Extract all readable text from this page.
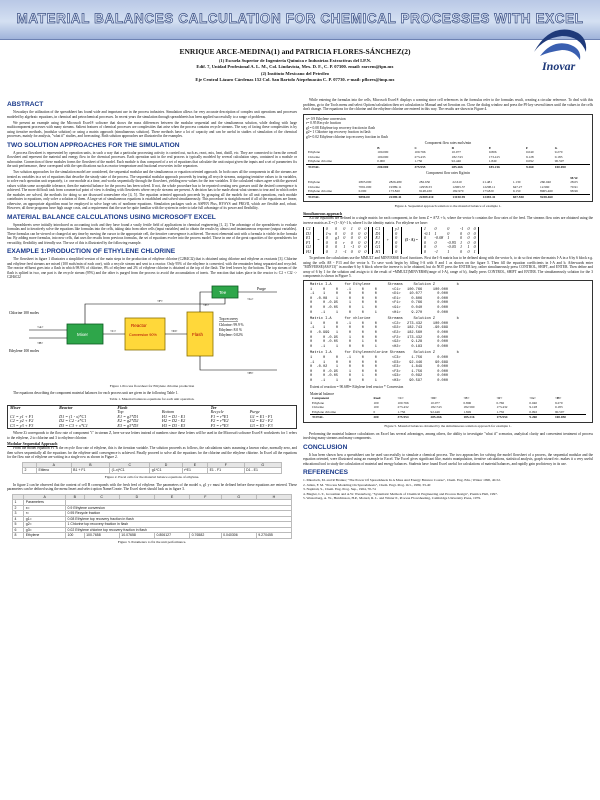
MATERIAL BALANCES CALCULATION FOR CHEMICAL PROCESSES WITH EXCEL
Inovar
ENRIQUE ARCE-MEDINA(1) and PATRICIA FLORES-SÁNCHEZ(2)
(1) Escuela Superior de Ingeniería Química e Industrias Extractivas del I.P.N.
Edif. 7, Unidad Profesional A. L. M., Col. Lindavista, Mex. D. F., C. P. 07300. email: earcem@ipn.mx
(2) Instituto Mexicano del Petróleo
Eje Central Lázaro Cárdenas 152 Col. San Bartolo Atepehuacán C. P. 07730. e-mail: pflores@imp.mx
ABSTRACT
Nowadays the utilization of the spreadsheet has found wide and important use in the process industries. Simulation allows for very accurate description of complex unit operations and processes modeled by algebraic equations, in chemical and petrochemical processes. In recent years the simulation through spreadsheets has been applied successfully to a range of problems.
We present an example using the Microsoft Excel® software that shows the mass differences between the modular sequential and the simultaneous solution, while dealing with large multicomponent processes with many streams. Salient features of chemical processes are complexities that arise when the process contains recycle streams. The way of facing these complexities is by using iterative methods, (modular solution) or using a matrix approach (simultaneous solution). These methods have a lot of capacity and can be useful in studies of simulation of the chemical processes, mainly for analysis, "what if" studies, and forecasting. Both solution approaches are illustrated in the examples.
TWO SOLUTION APPROACHES FOR THE SIMULATION
A process flowsheet is represented by operation units, in such a way that a particular processing activity is carried out, such as, react, mix, heat, distill, etc. They are connected to form the overall flowsheet and represent the material and energy flow in the chemical processes. Each operation unit in the real process is typically modeled by several calculation steps, contained in a module or subroutine. Connection of these modules forms the flowsheet of the model. Each module is thus composed of a set of equations that calculate the unit output given the inputs and a set of parameters fix the unit performance, these correspond with the specifications such as reactor temperature and fractional recoveries in the separators.
Two solution approaches for the simulation model are considered, the sequential modular and the simultaneous or equation oriented approach. In both cases all the components in all the streams are treated as variables in a set of equations that describe the steady state of the process. The sequential modular approach proceeds by tearing all recycle streams, assigning tentative values to its variables, to solve each operation unit separately, i.e. one module at a time, and works sequentially through the flowsheet, yielding new values for the tear variables. If the calculated values agree with the guessed values within some acceptable tolerance, then the material balance for the process has been solved. If not, the whole procedure has to be repeated creating new guesses until the desired convergence is achieved. The more difficult task from a numerical point of view is dealing with flowsheets where recycle streams are present. A decision has to be made about what streams to tear and in which order the modules are solved, the methods for doing so are discussed somewhere else [4, 5]. The equation oriented approach proceeds by grouping all the models for all unit operations, each module contributes to equations, only solve a solution of them. A large set of simultaneous equations is established and solved simultaneously. This procedure is straightforward if all of the equations are linear, otherwise, an appropriate algorithm must be employed to solve large sets of nonlinear equations. Simulation packages such as ASPEN Plus, HYSYS and PRO/II, which are flexible and, robust. However, all these programs have high usage costs, and a requirement that the user be quite familiar with the system in order to take full advantage of its power and flexibility.
MATERIAL BALANCE CALCULATIONS USING MICROSOFT EXCEL
Spreadsheets were initially introduced as accounting tools and they have found a vastly fertile field of applications in chemical engineering [1, 2]. The advantage of the spreadsheets to evaluate formulas and to iteratively solve the equations like formulas into the cells, taking data from other cells (input variables) and to obtain the results by almost and instantaneous response (output variables). These formulas can be viewed or changed at any time by moving the cursor to the appropriate cell, the iterative convergence is achieved. The most elemental unit with a formula is visible in the formula bar. By adding more formulas, into new cells, that uses the results from previous formulas, the set of equations evolve into the process model. Those in one of the great capacities of the spreadsheets for versatility, flexibility and friendly use. The use of this is illustrated by the following example.
EXAMPLE 1:PRODUCTION OF ETHYLENE CHLORINE
The flowsheet in figure 1 illustrates a simplified version of the main steps in the production of ethylene chlorine (C2H4Cl2) that is obtained using chlorine and ethylene as reactants [3]. Chlorine and ethylene feed streams are mixed (100 mols/min of each one), with a recycle stream and sent to a reactor. Only 95% of the ethylene is converted, with the remainder being separated and recycled. The reactor effluent goes into a flash in which 98.9% of chlorine, 8% of ethylene and 2% of ethylene chlorine is obtained at the top of the flash. The feed leaves by the bottom. The top stream of the flash is splited in two, one part is the recycle stream (95%) and the other is purged from the process to avoid the accumulation of inerts. The reaction that takes place in the reactor is: C2 + Cl2 -> C2H4Cl2
Mixer
Reactor
Conversion 90%	Flash
Tee
Chlorine 100 moles
Ethylene 100 moles
<A>
<B>
<C>	<D>
<F>
<E>
Purge
<G>
<H>
Top recovery
Chlorine: 99.9 %
Ethylene: 8.0 %
Ethylene: 0.02%
Figure 1.Process flowsheet for Ethylene chlorine production
The equations describing the component material balances for each process unit are given in the following Table 1.
Table 1. Material balances equations for each unit operation.
Mixer	Reactor	Flash		Tee	
		Top	Bottom	Recycle	Purge
C1 = y1 + F1	D1 = (1 - x)*C1	E1 = g1*D1	H1 = D1 - E1	F1 = r*E1	G1 = E1 - F1
C2 = y2 + F2	D2 = C2 - x*C1	E2 = g2*D2	H2 = D2 - E2	F2 = r*E2	G2 = E2 - F2
C3 = y3 + F3	D3 = C3 + x*C1	E3 = g3*D3	H3 = D3 - E3	F3 = r*E3	G3 = E3 - F3
Where Zi corresponds to the flow rate of component "i" in stream Z, here we use letters instead of numbers since these letters will be used in the Microsoft software Excel® worksheets for 1 refers to the ethylene, 2 to chlorine and 3 to ethylene chlorine.
Modular Sequential Approach
From the model equation F1 is the recycle flow rate of ethylene, this is the iteration variable. The solution proceeds as follows, the calculations starts assuming a known value, normally zero, and then solves sequentially all the equations for the ethylene until convergence is achieved. Finally proceed to solve all the equations for the chlorine and the ethylene chlorine. In Excel all the equations for the flow rate of ethylene are writing in a single row as shown in Figure 2.
	A	B	C	D	E	F	G
2	Etileno	B1 + F1	(1-x)*C1	g1*C1	r*E1	E1 - F1	D1 - E1
Figure 2. Excel cells for the material balance equations of ethylene.
In figure 2 can be observed that the content of cell B corresponds with the fresh feed of ethylene. The parameters of the model x, g1 y r must be defined before these equations are entered. These parameters can be defined using the menu Insert and select option Name/Create. The Excel sheet should look as in figure 3.
	A	B	C	D	E	F	G	H
1	Parameters							
2	x=	0.9 Ethylene conversion						
3	r=	0.95 Recycle fraction						
4	g1=	0.08 Ethylene top recovery fraction in flash						
5	g2=	1 Chlorine top recovery fraction in flash						
6	g3=	0.02 Ethylene chlorine top recovery fraction in flash						
8	Ethylene	100	100.7658	10.07658	0.806127	0.76582	0.040306	9.270455
Figure 3. Parameters to fix the unit performance.
While entering the formulas into the cells, Microsoft Excel® displays a warning since cell references in the formulas refer to the formulas result, creating a circular reference. To deal with this problem, go to the Tools menu and select Options/calculation then set calculation to Manual and set Iteration on. Close the dialog window and press the F9 key several times until the values in the cells don't change. The equations for the chlorine and the ethylene chlorine are entered in this way. The results are shown in Figure 4.
x= 0.9 Ethylene conversion
r= 0.95 Recycle fraction
g1= 0.08 Ethylene top recovery fraction in flash
g2= 1 Chlorine top recovery fraction in flash
g3= 0.02 Ethylene chlorine top recovery fraction in flash
Component flow rates mols/min
	B	C	D	E	F	G
Ethylene	100.000	100.766	10.077	0.806	0.040	9.270
Chlorine	100.000	273.433	182.743	173.415	9.128	0.183
Ethylene chlorine	0.000	1.756	92.446	1.849	0.092	90.597
TOTAL	200.000	375.955	285.266	185.216	9.260	100.050
Component flow rates Kg/min
								M.W.
Ethylene	2805.000	2826.480	282.650	22.610	21.481	1.130	260.040	28.05
Chlorine	7091.000	19389.11	12958.33	12965.37	12298.11	647.27	12.960	70.91
Ethylene chlorine	0.000	173.820	9148.430	182.970	173.820	9.150	8965.460	98.96
TOTAL	9896.00	22389.41	22389.410	13150.95	12493.41	657.550	9238.460	
Figure 4. Sequential approach solution to the material balance of example 1.
Simultaneous approach
All the equations are defined in a single matrix for each component, in the form Z = A*Z + b, where the vector b contains the flow rates of the feed. The streams flow rates are obtained using the inverse matrix as Z = (I - A)^-1 b, where I is the identity matrix. For ethylene we have:
C1
D1
E1
F1
G1
H1
=
0	0	0	1	0	0
1-x	0	0	0	0	0
0	g1	0	0	0	0
0	0	r	0	0	0
0	0	1	-1	0	0
0	1	-1	0	0	0
C1
D1
E1
F1
G1
H1
+
y1
0
0
0
0
0
(I - A) =
1	0	0	-1	0	0
-0.1	1	0	0	0	0
0	-0.08	1	0	0	0
0	0	-0.95	1	0	0
0	0	-0.05	1	1	0
0	-1	1	0	0	1
To perform the calculations use the MMULT and MINVERSE Excel functions. First the I-A matrix has to be defined along with the vector b, to do so first enter the matrix I-A in a 6 by 6 block e.g. using the cells A8 - F13 and the vector b. To save work begin by filling I-A with 0 and 1 as shown on the figure 5. Then fill the equation coefficients in I-A and b. Afterwards enter "MINVERSE(A8:F13)" in another 6 by 6 block where the inverse is to be obtained, but do NOT press the ENTER key, rather simultaneously press CONTROL, SHIFT, and ENTER. Then define and array of 6 by 1 for the solution and assign to it the result of =MMULT(MINVERSE(range of I-A), range of b), finally press CONTROL, SHIFT and ENTER. The simultaneously solution for the 3 components is shown in Figure 5.
Matrix I-A      for Ethylene        Streams     Solution Z          b
1     0     0    -1     0     0       <C1>   100.766     100.000
-1    1     0     0     0     0       <D1>    10.077       0.000
0  -0.08    1     0     0     0       <E1>     0.806       0.000
0     0 -0.95     1     0     0       <F1>     0.766       0.000
0     0 -0.05     0     1     0       <G1>     0.040       0.000
0    -1     1     0     0     1       <H1>     9.270       0.000
Matrix I-A      for chlorine        Streams     Solution Z          b
1     0     0    -1     0     0       <C2>   273.432     100.000
-1    1     0     0     0     0       <D2>   182.743     -90.689
0  -0.999   1     0     0     0       <E2>   182.560       0.000
0     0 -0.95     1     0     0       <F2>   173.432       0.000
0     0 -0.05     0     1     0       <G2>     9.128       0.000
0    -1     1     0     0     1       <H2>     0.183       0.000
Matrix I-A      for Ethylenechlorine Streams    Solution Z          b
1     0     0    -1     0     0       <C3>     1.756       0.000
-1    1     0     0     0     0       <D3>    92.446      90.689
0  -0.02    1     0     0     0       <E3>     1.849       0.000
0     0 -0.95     1     0     0       <F3>     1.756       0.000
0     0 -0.05     0     1     0       <G3>     0.092       0.000
0    -1     1     0     0     1       <H3>    90.597       0.000
Extent of reaction = 90.689= Ethylene feed reactor * Conversion
Material balance
Component	Feed	<C>	<D>	<E>	<F>	<G>	<H>
Ethylene	100	100.766	10.077	0.806	0.766	0.040	9.270
Chlorine	100	273.432	182.743	182.560	173.432	9.128	0.183
Ethylene chlorine	0	1.756	92.446	1.849	1.756	0.092	90.597
TOTAL	200	375.954	285.266	185.216	175.954	9.260	100.050
Figure 5. Material balances obtained by the simultaneous solution approach for example 1.
Performing the material balance calculations on Excel has several advantages, among others, the ability to investigate "what if" scenarios, analytical clarity and convenient treatment of process involving many streams and many components.
CONCLUSION
It has been shown how a spreadsheet can be used successfully to simulate a chemical process. The two approaches for solving the model flowsheet of a process, the sequential modular and the equation oriented, were illustrated using an example in Excel. The Excel gives significant like, matrix manipulation, iterative calculations, statistical analysis, graph wizard etc. makes it a very useful educational tool to study the calculation of material and energy balances. Students have found Excel useful for calculations of material balances, and rapidly gain proficiency in its use.
REFERENCES
1. Mkorisch, M. and R Branka; "The Power Of Spreadsheets In A Mass And Energy Balance Course", Chem. Eng. Edu.; Winter 1990, 40-52.
2. Julian, F. M. "Process Modeling On Spreadsheets", Chem. Engr. Prog. Oct., 1989, 33-40
3. Naphtali, S., Chem. Eng. Prog. Sup., 1964, 70-74
4. Biegler, L.T., Grossman and A.W. Westerberg, "Systematic Methods of Chemical Engineering and Process Design", Prentice Hall, 1997.
5. Westerberg, A. W., Hutchinson, H.P., Motard, R. L. and Winter P., Process Flowsheeting, Cambridge University Press, 1979.
